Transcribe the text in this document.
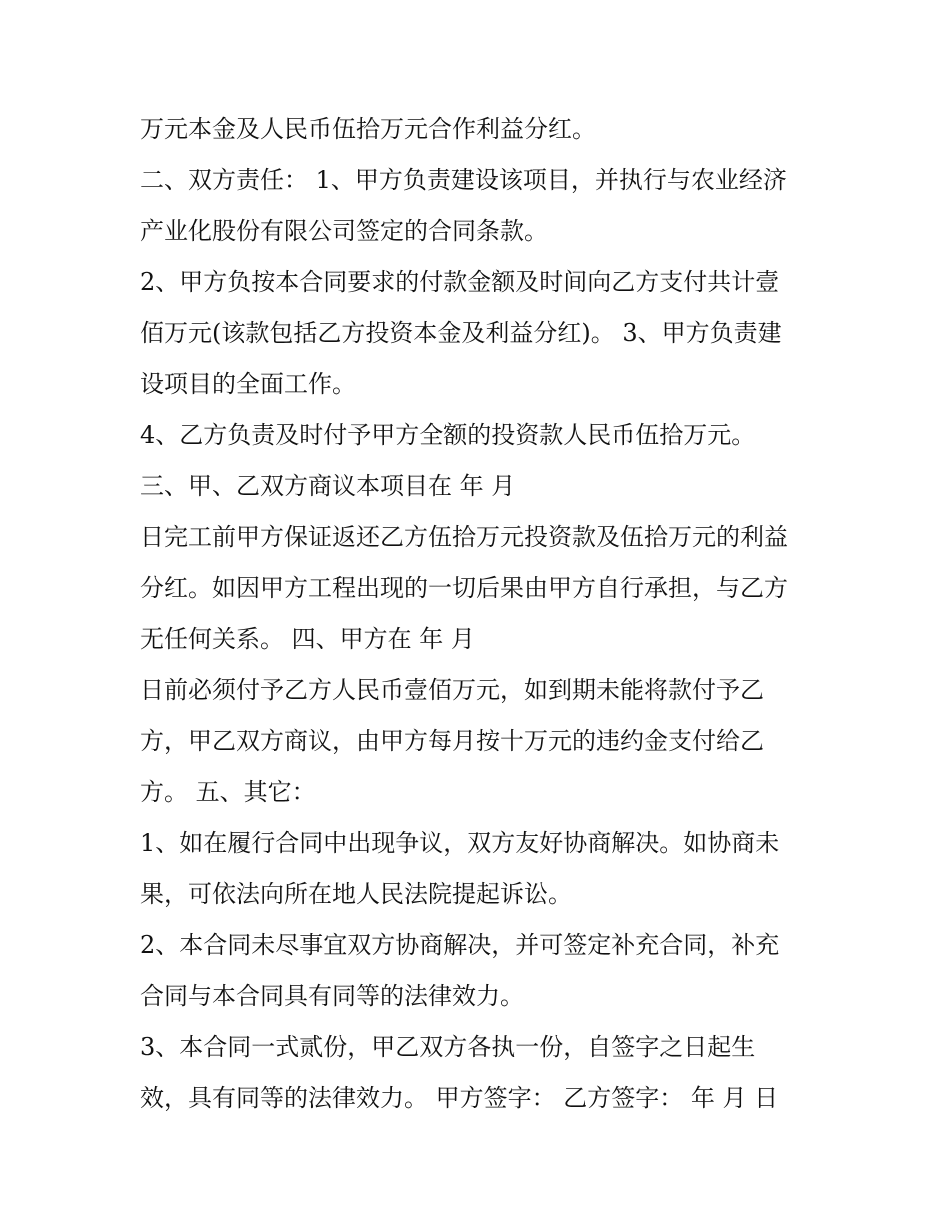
万元本金及人民币伍拾万元合作利益分红。
二、双方责任： 1、甲方负责建设该项目，并执行与农业经济
产业化股份有限公司签定的合同条款。
2、甲方负按本合同要求的付款金额及时间向乙方支付共计壹
佰万元(该款包括乙方投资本金及利益分红)。 3、甲方负责建
设项目的全面工作。
4、乙方负责及时付予甲方全额的投资款人民币伍拾万元。
三、甲、乙双方商议本项目在 年 月
日完工前甲方保证返还乙方伍拾万元投资款及伍拾万元的利益
分红。如因甲方工程出现的一切后果由甲方自行承担，与乙方
无任何关系。 四、甲方在 年 月
日前必须付予乙方人民币壹佰万元，如到期未能将款付予乙
方，甲乙双方商议，由甲方每月按十万元的违约金支付给乙
方。 五、其它：
1、如在履行合同中出现争议，双方友好协商解决。如协商未
果，可依法向所在地人民法院提起诉讼。
2、本合同未尽事宜双方协商解决，并可签定补充合同，补充
合同与本合同具有同等的法律效力。
3、本合同一式贰份，甲乙双方各执一份，自签字之日起生
效，具有同等的法律效力。 甲方签字： 乙方签字： 年 月 日
